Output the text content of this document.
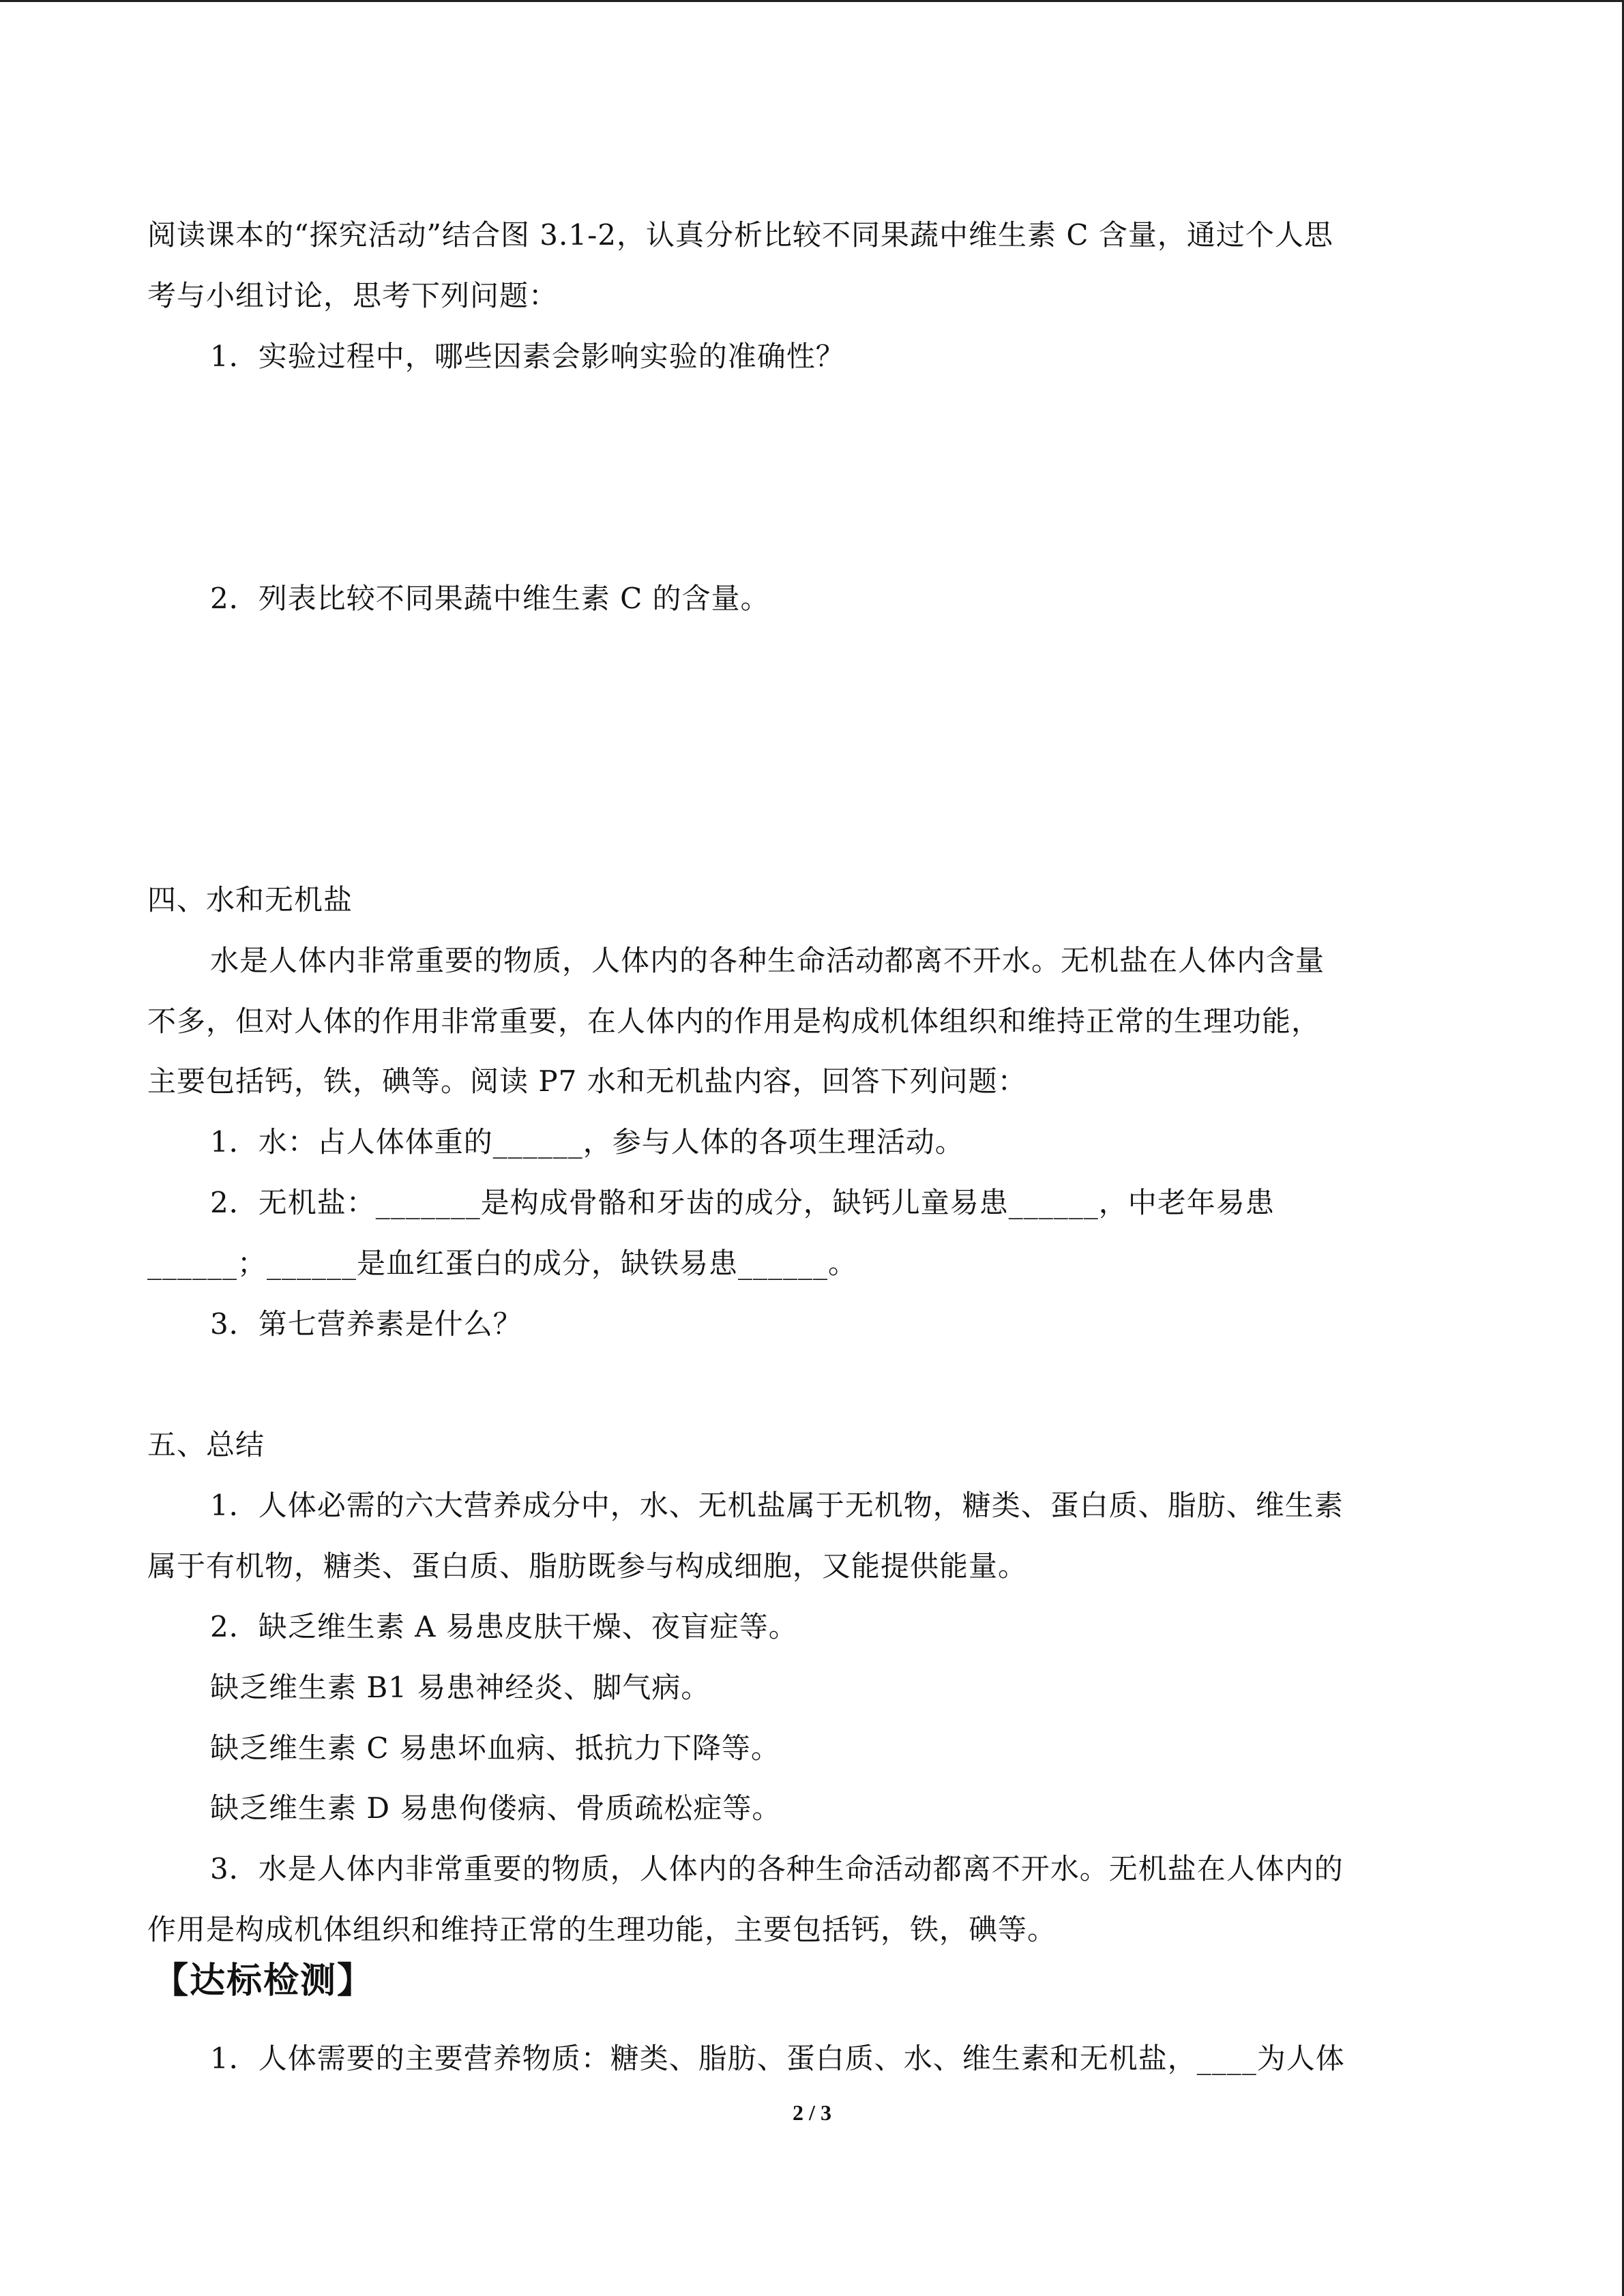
阅读课本的“探究活动”结合图 3.1-2，认真分析比较不同果蔬中维生素 C 含量，通过个人思
考与小组讨论，思考下列问题：
1．实验过程中，哪些因素会影响实验的准确性？
2．列表比较不同果蔬中维生素 C 的含量。
四、水和无机盐
水是人体内非常重要的物质，人体内的各种生命活动都离不开水。无机盐在人体内含量
不多，但对人体的作用非常重要，在人体内的作用是构成机体组织和维持正常的生理功能，
主要包括钙，铁，碘等。阅读 P7 水和无机盐内容，回答下列问题：
1．水：占人体体重的______，参与人体的各项生理活动。
2．无机盐：_______是构成骨骼和牙齿的成分，缺钙儿童易患______，中老年易患
______；______是血红蛋白的成分，缺铁易患______。
3．第七营养素是什么？
五、总结
1．人体必需的六大营养成分中，水、无机盐属于无机物，糖类、蛋白质、脂肪、维生素
属于有机物，糖类、蛋白质、脂肪既参与构成细胞，又能提供能量。
2．缺乏维生素 A 易患皮肤干燥、夜盲症等。
缺乏维生素 B1 易患神经炎、脚气病。
缺乏维生素 C 易患坏血病、抵抗力下降等。
缺乏维生素 D 易患佝偻病、骨质疏松症等。
3．水是人体内非常重要的物质，人体内的各种生命活动都离不开水。无机盐在人体内的
作用是构成机体组织和维持正常的生理功能，主要包括钙，铁，碘等。
【达标检测】
1．人体需要的主要营养物质：糖类、脂肪、蛋白质、水、维生素和无机盐，____为人体
2 / 3
